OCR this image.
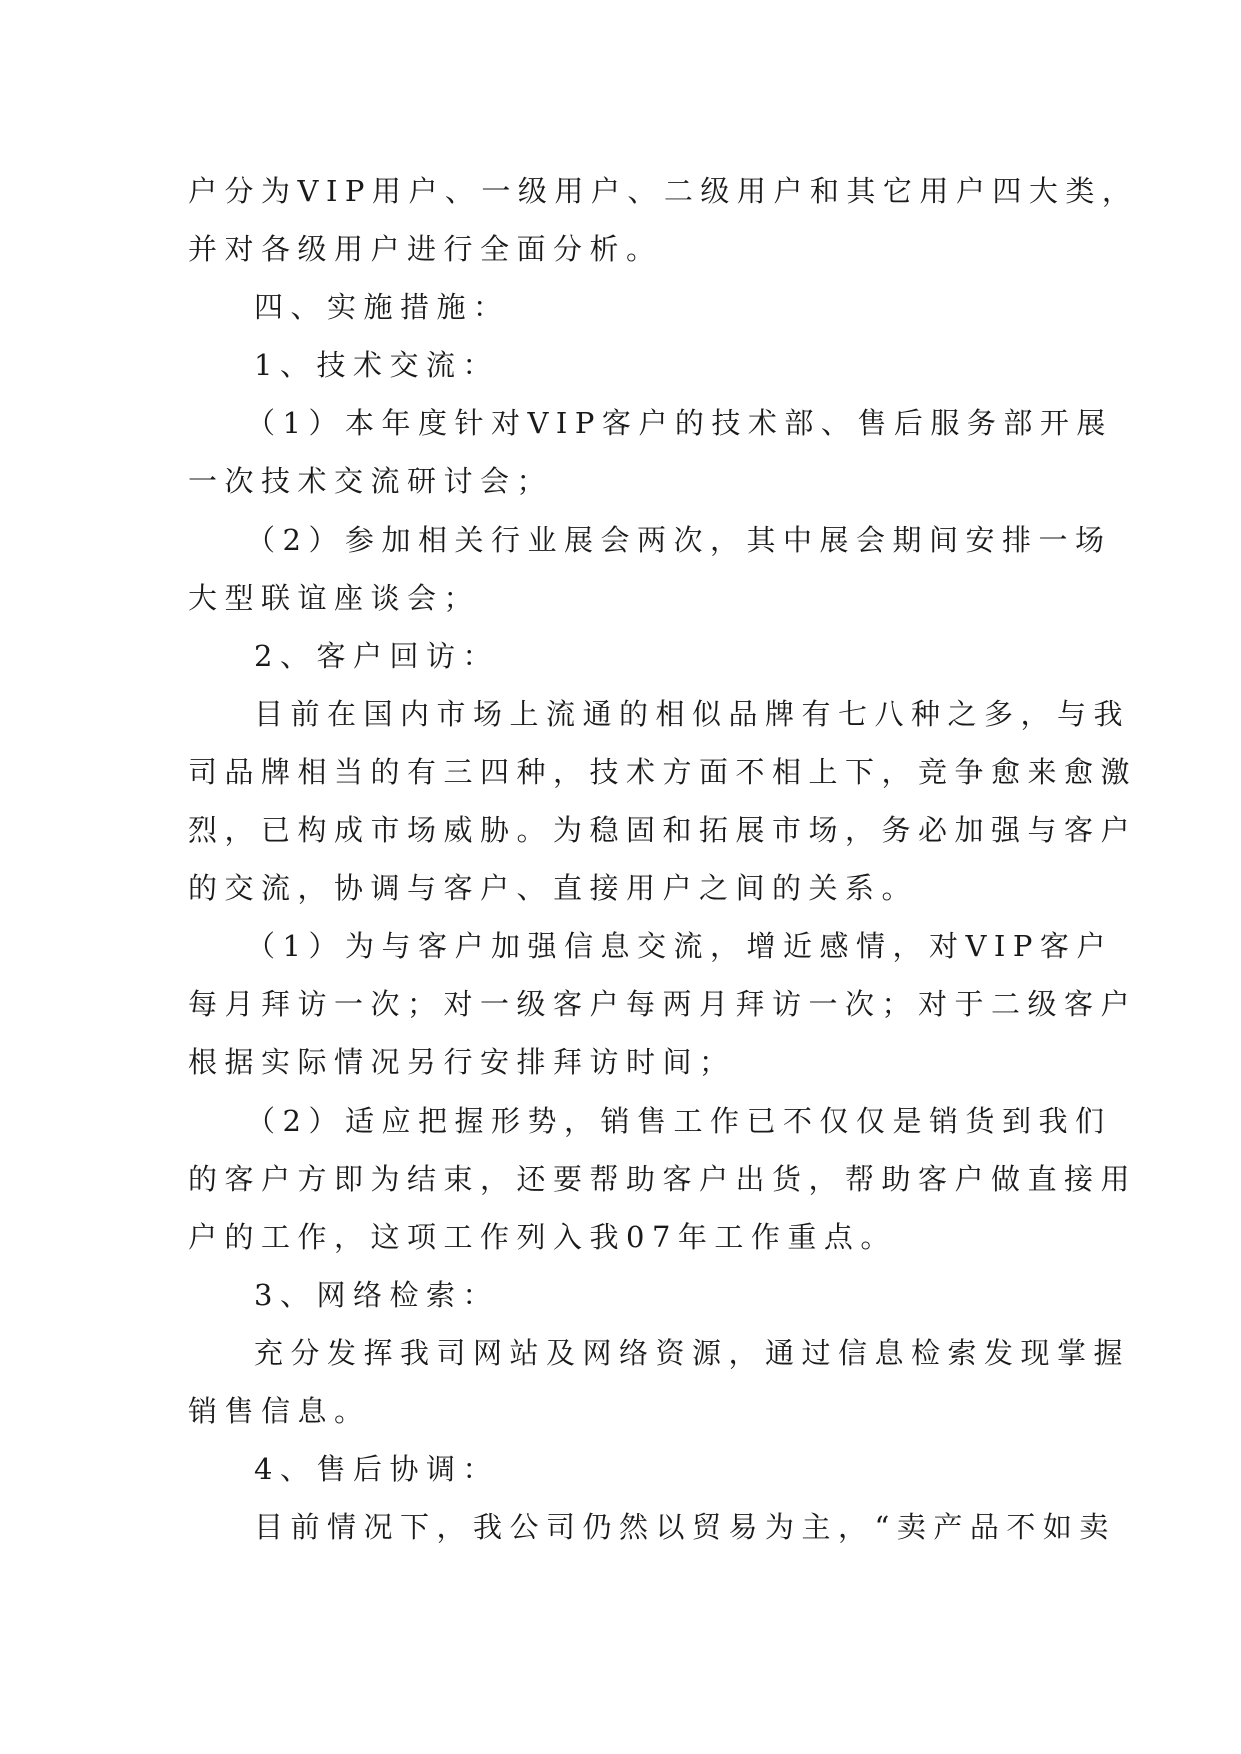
户分为VIP用户、一级用户、二级用户和其它用户四大类，
并对各级用户进行全面分析。

四、实施措施：

1、技术交流：

（1）本年度针对VIP客户的技术部、售后服务部开展
一次技术交流研讨会；

（2）参加相关行业展会两次，其中展会期间安排一场
大型联谊座谈会；

2、客户回访：

目前在国内市场上流通的相似品牌有七八种之多，与我
司品牌相当的有三四种，技术方面不相上下，竞争愈来愈激
烈，已构成市场威胁。为稳固和拓展市场，务必加强与客户
的交流，协调与客户、直接用户之间的关系。

（1）为与客户加强信息交流，增近感情，对VIP客户
每月拜访一次；对一级客户每两月拜访一次；对于二级客户
根据实际情况另行安排拜访时间；

（2）适应把握形势，销售工作已不仅仅是销货到我们
的客户方即为结束，还要帮助客户出货，帮助客户做直接用
户的工作，这项工作列入我07年工作重点。

3、网络检索：

充分发挥我司网站及网络资源，通过信息检索发现掌握
销售信息。

4、售后协调：

目前情况下，我公司仍然以贸易为主，“卖产品不如卖
